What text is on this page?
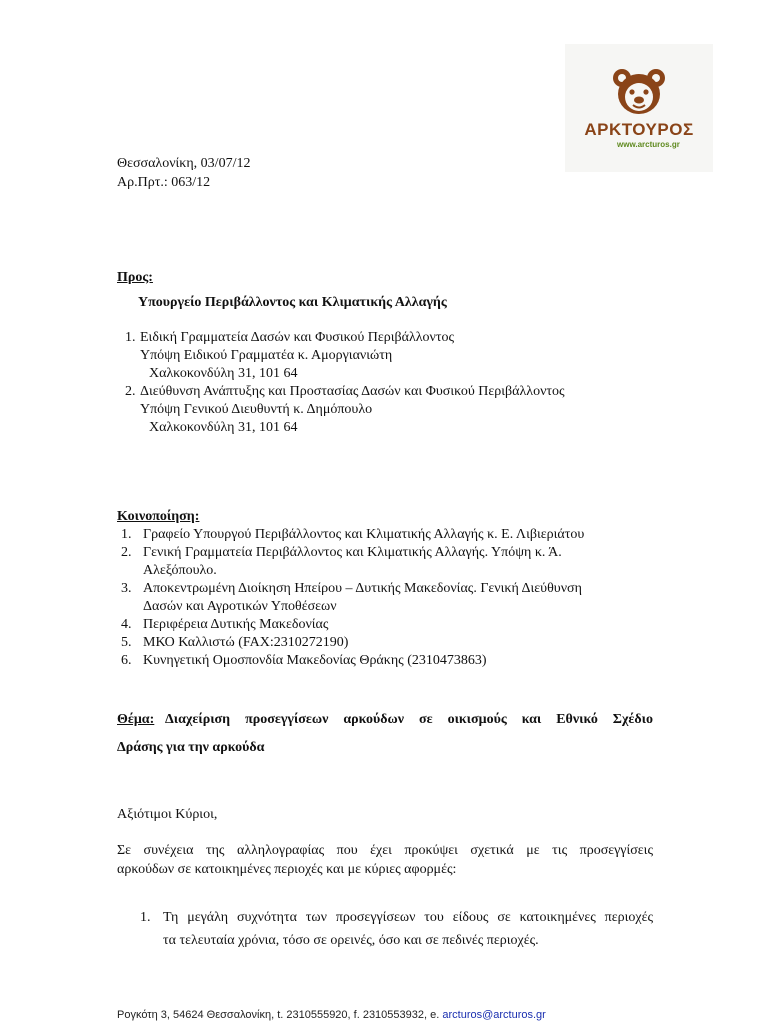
ΑΡΚΤΟΥΡΟΣ
www.arcturos.gr
Θεσσαλονίκη, 03/07/12
Αρ.Πρτ.: 063/12
Προς:
Υπουργείο Περιβάλλοντος και Κλιματικής Αλλαγής
1. Ειδική Γραμματεία Δασών και Φυσικού Περιβάλλοντος
Υπόψη Ειδικού Γραμματέα κ. Αμοργιανιώτη
Χαλκοκονδύλη 31, 101 64
2. Διεύθυνση Ανάπτυξης και Προστασίας Δασών και Φυσικού Περιβάλλοντος
Υπόψη Γενικού Διευθυντή κ. Δημόπουλο
Χαλκοκονδύλη 31, 101 64
Κοινοποίηση:
1. Γραφείο Υπουργού Περιβάλλοντος και Κλιματικής Αλλαγής κ. Ε. Λιβιεριάτου
2. Γενική Γραμματεία Περιβάλλοντος και Κλιματικής Αλλαγής. Υπόψη κ. Ά.
Αλεξόπουλο.
3. Αποκεντρωμένη Διοίκηση Ηπείρου – Δυτικής Μακεδονίας. Γενική Διεύθυνση
Δασών και Αγροτικών Υποθέσεων
4. Περιφέρεια Δυτικής Μακεδονίας
5. ΜΚΟ Καλλιστώ (FAX:2310272190)
6. Κυνηγετική Ομοσπονδία Μακεδονίας Θράκης (2310473863)
Θέμα: Διαχείριση προσεγγίσεων αρκούδων σε οικισμούς και Εθνικό Σχέδιο
Δράσης για την αρκούδα
Αξιότιμοι Κύριοι,
Σε συνέχεια της αλληλογραφίας που έχει προκύψει σχετικά με τις προσεγγίσεις
αρκούδων σε κατοικημένες περιοχές και με κύριες αφορμές:
1. Τη μεγάλη συχνότητα των προσεγγίσεων του είδους σε κατοικημένες περιοχές
τα τελευταία χρόνια, τόσο σε ορεινές, όσο και σε πεδινές περιοχές.
Ρογκότη 3, 54624 Θεσσαλονίκη, t. 2310555920, f. 2310553932, e. arcturos@arcturos.gr
